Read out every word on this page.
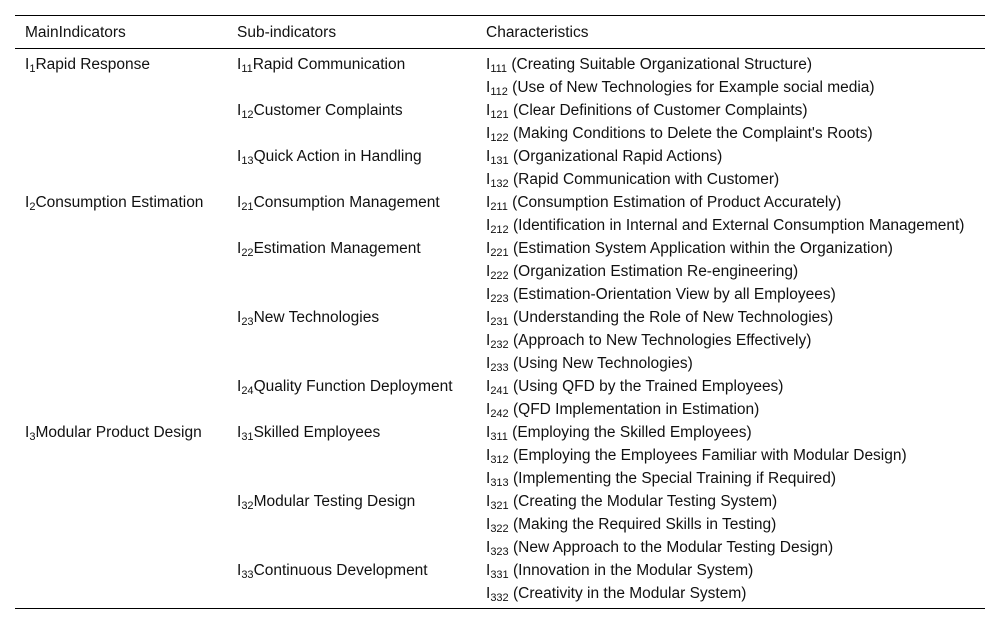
MainIndicators	Sub-indicators	Characteristics
$I_1Rapid$ Response	$I_{11}Rapid$ Communication	$I_{111}$ (Creating Suitable Organizational Structure)
		$I_{112}$ (Use of New Technologies for Example social media)
	$I_{12}Customer$ Complaints	$I_{121}$ (Clear Definitions of Customer Complaints)
		$I_{122}$ (Making Conditions to Delete the Complaint's Roots)
	$I_{13}Quick$ Action in Handling	$I_{131}$ (Organizational Rapid Actions)
		$I_{132}$ (Rapid Communication with Customer)
$I_2Consumption$ Estimation	$I_{21}Consumption$ Management	$I_{211}$ (Consumption Estimation of Product Accurately)
		$I_{212}$ (Identification in Internal and External Consumption Management)
	$I_{22}Estimation$ Management	$I_{221}$ (Estimation System Application within the Organization)
		$I_{222}$ (Organization Estimation Re-engineering)
		$I_{223}$ (Estimation-Orientation View by all Employees)
	$I_{23}New$ Technologies	$I_{231}$ (Understanding the Role of New Technologies)
		$I_{232}$ (Approach to New Technologies Effectively)
		$I_{233}$ (Using New Technologies)
	$I_{24}Quality$ Function Deployment	$I_{241}$ (Using QFD by the Trained Employees)
		$I_{242}$ (QFD Implementation in Estimation)
$I_3Modular$ Product Design	$I_{31}Skilled$ Employees	$I_{311}$ (Employing the Skilled Employees)
		$I_{312}$ (Employing the Employees Familiar with Modular Design)
		$I_{313}$ (Implementing the Special Training if Required)
	$I_{32}Modular$ Testing Design	$I_{321}$ (Creating the Modular Testing System)
		$I_{322}$ (Making the Required Skills in Testing)
		$I_{323}$ (New Approach to the Modular Testing Design)
	$I_{33}Continuous$ Development	$I_{331}$ (Innovation in the Modular System)
		$I_{332}$ (Creativity in the Modular System)
